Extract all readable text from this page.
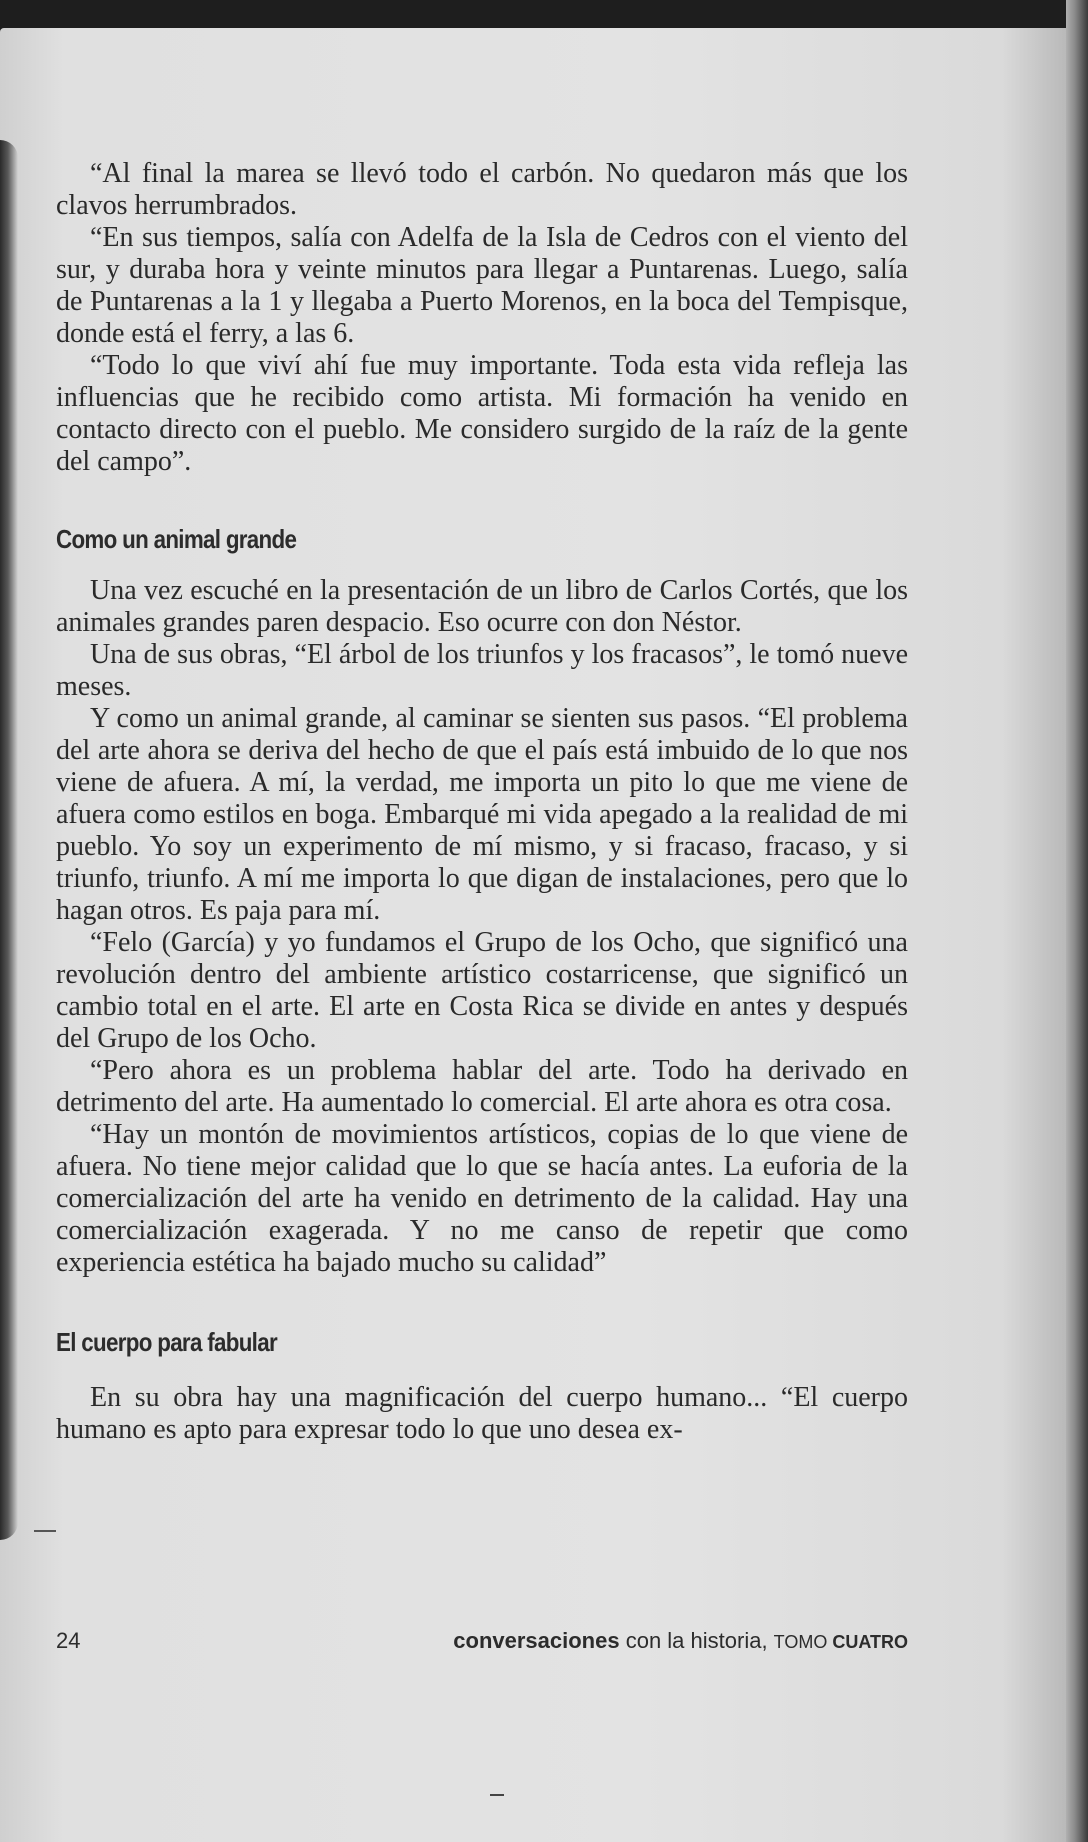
“Al final la marea se llevó todo el carbón. No quedaron más que los clavos herrumbrados.

“En sus tiempos, salía con Adelfa de la Isla de Cedros con el viento del sur, y duraba hora y veinte minutos para llegar a Puntarenas. Luego, salía de Puntarenas a la 1 y llegaba a Puerto Morenos, en la boca del Tempisque, donde está el ferry, a las 6.

“Todo lo que viví ahí fue muy importante. Toda esta vida refleja las influencias que he recibido como artista. Mi formación ha venido en contacto directo con el pueblo. Me considero surgido de la raíz de la gente del campo”.

Como un animal grande

Una vez escuché en la presentación de un libro de Carlos Cortés, que los animales grandes paren despacio. Eso ocurre con don Néstor.

Una de sus obras, “El árbol de los triunfos y los fracasos”, le tomó nueve meses.

Y como un animal grande, al caminar se sienten sus pasos. “El problema del arte ahora se deriva del hecho de que el país está imbuido de lo que nos viene de afuera. A mí, la verdad, me importa un pito lo que me viene de afuera como estilos en boga. Embarqué mi vida apegado a la realidad de mi pueblo. Yo soy un experimento de mí mismo, y si fracaso, fracaso, y si triunfo, triunfo. A mí me importa lo que digan de instalaciones, pero que lo hagan otros. Es paja para mí.

“Felo (García) y yo fundamos el Grupo de los Ocho, que significó una revolución dentro del ambiente artístico costarricense, que significó un cambio total en el arte. El arte en Costa Rica se divide en antes y después del Grupo de los Ocho.

“Pero ahora es un problema hablar del arte. Todo ha derivado en detrimento del arte. Ha aumentado lo comercial. El arte ahora es otra cosa.

“Hay un montón de movimientos artísticos, copias de lo que viene de afuera. No tiene mejor calidad que lo que se hacía antes. La euforia de la comercialización del arte ha venido en detrimento de la calidad. Hay una comercialización exagerada. Y no me canso de repetir que como experiencia estética ha bajado mucho su calidad”

El cuerpo para fabular

En su obra hay una magnificación del cuerpo humano... “El cuerpo humano es apto para expresar todo lo que uno desea ex-

24	conversaciones con la historia, TOMO CUATRO
